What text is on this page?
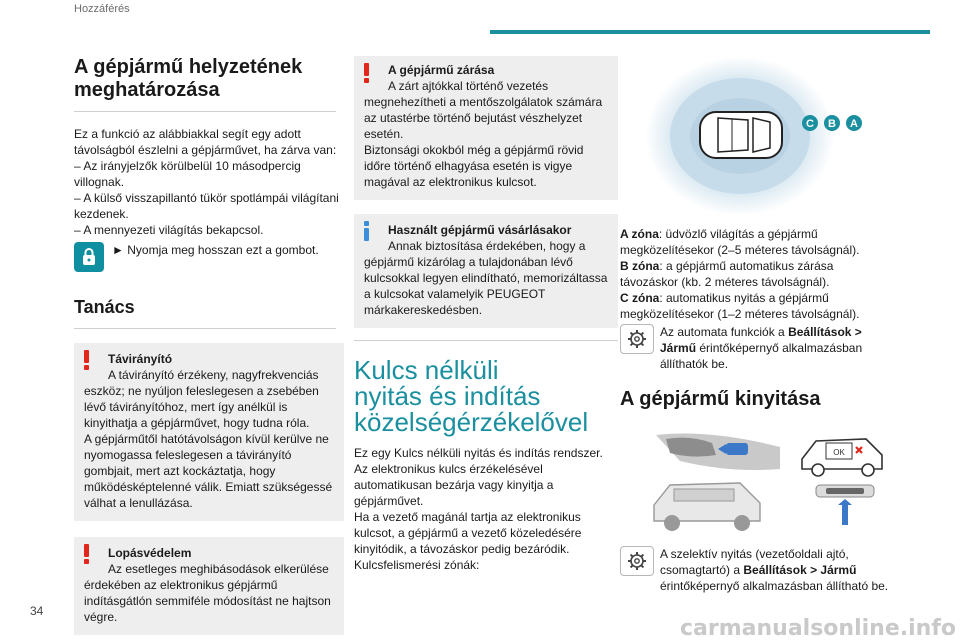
Hozzáférés
A gépjármű helyzetének meghatározása
Ez a funkció az alábbiakkal segít egy adott távolságból észlelni a gépjárművet, ha zárva van:
– Az irányjelzők körülbelül 10 másodpercig villognak.
– A külső visszapillantó tükör spotlámpái világítani kezdenek.
– A mennyezeti világítás bekapcsol.
► Nyomja meg hosszan ezt a gombot.
Tanács
Távirányító
A távirányító érzékeny, nagyfrekvenciás eszköz; ne nyúljon feleslegesen a zsebében lévő távirányítóhoz, mert így anélkül is kinyithatja a gépjárművet, hogy tudna róla.
A gépjárműtől hatótávolságon kívül kerülve ne nyomogassa feleslegesen a távirányító gombjait, mert azt kockáztatja, hogy működésképtelenné válik. Emiatt szükségessé válhat a lenullázása.
Lopásvédelem
Az esetleges meghibásodások elkerülése érdekében az elektronikus gépjármű indításgátlón semmiféle módosítást ne hajtson végre.
A gépjármű zárása
A zárt ajtókkal történő vezetés megnehezítheti a mentőszolgálatok számára az utastérbe történő bejutást vészhelyzet esetén.
Biztonsági okokból még a gépjármű rövid időre történő elhagyása esetén is vigye magával az elektronikus kulcsot.
Használt gépjármű vásárlásakor
Annak biztosítása érdekében, hogy a gépjármű kizárólag a tulajdonában lévő kulcsokkal legyen elindítható, memorizáltassa a kulcsokat valamelyik PEUGEOT márkakereskedésben.
Kulcs nélküli
nyitás és indítás
közelségérzékelővel
Ez egy Kulcs nélküli nyitás és indítás rendszer.
Az elektronikus kulcs érzékelésével automatikusan bezárja vagy kinyitja a gépjárművet.
Ha a vezető magánál tartja az elektronikus kulcsot, a gépjármű a vezető közeledésére kinyitódik, a távozáskor pedig bezáródik.
Kulcsfelismerési zónák:
C B A
A zóna: üdvözlő világítás a gépjármű megközelítésekor (2–5 méteres távolságnál).
B zóna: a gépjármű automatikus zárása távozáskor (kb. 2 méteres távolságnál).
C zóna: automatikus nyitás a gépjármű megközelítésekor (1–2 méteres távolságnál).
Az automata funkciók a Beállítások > Jármű érintőképernyő alkalmazásban állíthatók be.
A gépjármű kinyitása
OK
A szelektív nyitás (vezetőoldali ajtó, csomagtartó) a Beállítások > Jármű érintőképernyő alkalmazásban állítható be.
34
carmanualsonline.info
